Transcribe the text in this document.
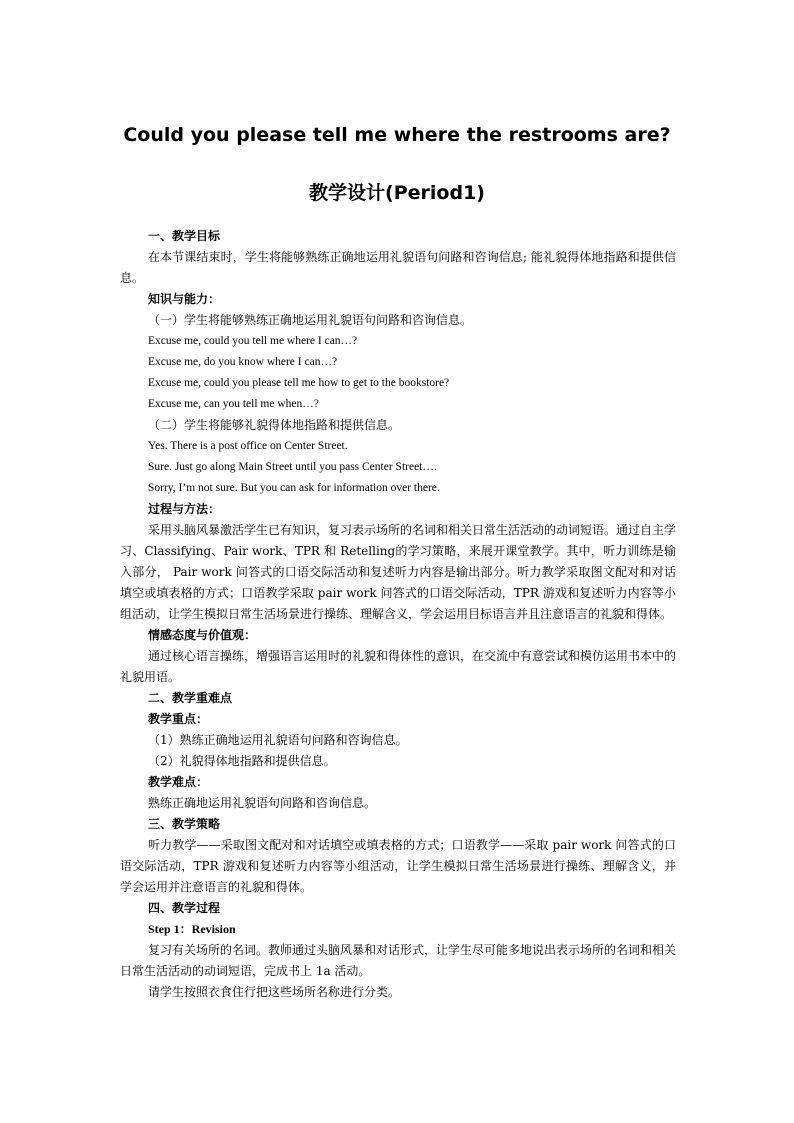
Could you please tell me where the restrooms are?
教学设计(Period1)

一、教学目标

在本节课结束时，学生将能够熟练正确地运用礼貌语句问路和咨询信息; 能礼貌得体地指路和提供信息。

知识与能力：

（一）学生将能够熟练正确地运用礼貌语句问路和咨询信息。

Excuse me, could you tell me where I can…?

Excuse me, do you know where I can…?

Excuse me, could you please tell me how to get to the bookstore?

Excuse me, can you tell me when…?

（二）学生将能够礼貌得体地指路和提供信息。

Yes. There is a post office on Center Street.

Sure. Just go along Main Street until you pass Center Street….

Sorry, I’m not sure. But you can ask for information over there.

过程与方法：

采用头脑风暴激活学生已有知识，复习表示场所的名词和相关日常生活活动的动词短语。通过自主学习、Classifying、Pair work、TPR 和 Retelling的学习策略，来展开课堂教学。其中，听力训练是输入部分， Pair work 问答式的口语交际活动和复述听力内容是输出部分。听力教学采取图文配对和对话填空或填表格的方式；口语教学采取 pair work 问答式的口语交际活动，TPR 游戏和复述听力内容等小组活动，让学生模拟日常生活场景进行操练、理解含义，学会运用目标语言并且注意语言的礼貌和得体。

情感态度与价值观：

通过核心语言操练，增强语言运用时的礼貌和得体性的意识，在交流中有意尝试和模仿运用书本中的礼貌用语。

二、教学重难点

教学重点：

（1）熟练正确地运用礼貌语句问路和咨询信息。

（2）礼貌得体地指路和提供信息。

教学难点：

熟练正确地运用礼貌语句问路和咨询信息。

三、教学策略

听力教学——采取图文配对和对话填空或填表格的方式；口语教学——采取 pair work 问答式的口语交际活动，TPR 游戏和复述听力内容等小组活动，让学生模拟日常生活场景进行操练、理解含义，并学会运用并注意语言的礼貌和得体。

四、教学过程

Step 1：Revision

复习有关场所的名词。教师通过头脑风暴和对话形式，让学生尽可能多地说出表示场所的名词和相关日常生活活动的动词短语，完成书上 1a 活动。

请学生按照衣食住行把这些场所名称进行分类。
